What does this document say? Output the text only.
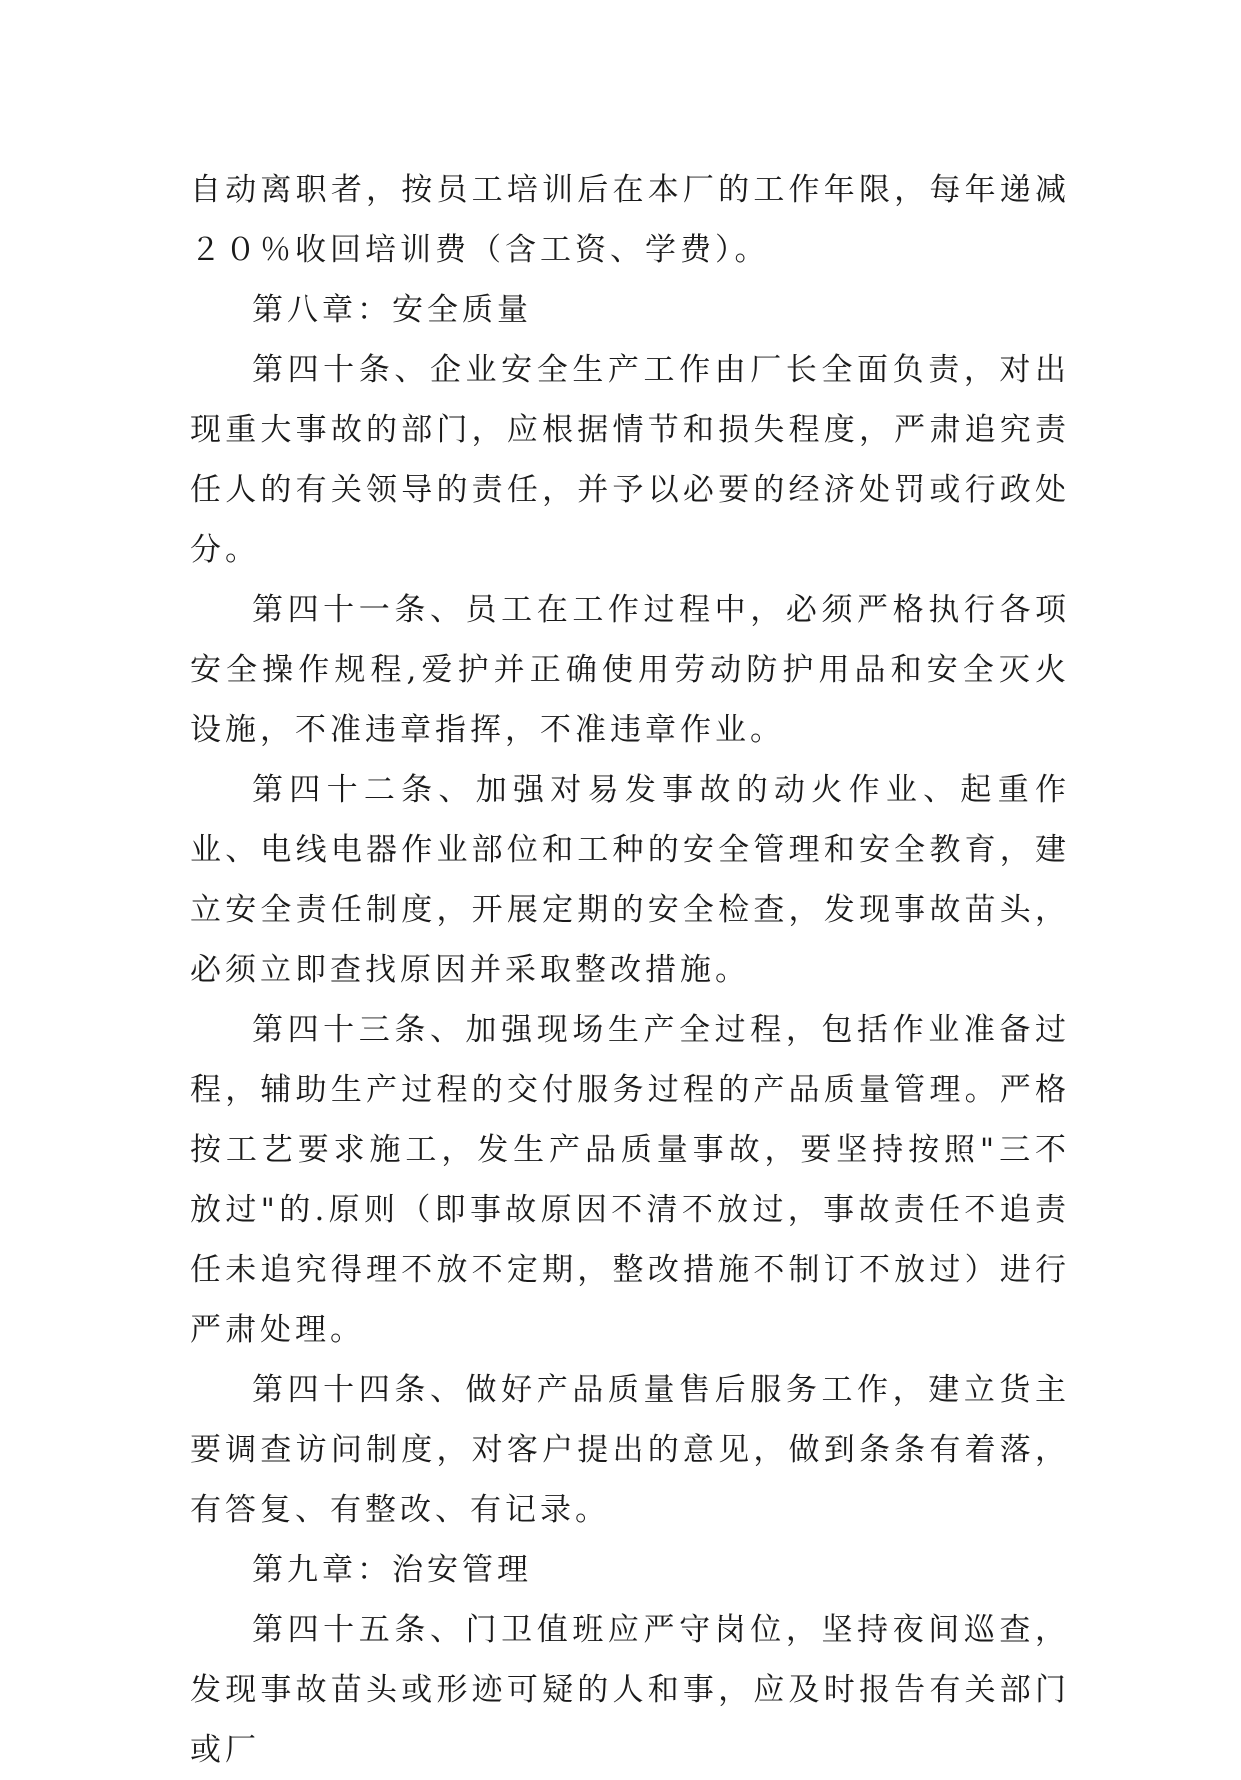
自动离职者，按员工培训后在本厂的工作年限，每年递减２０％收回培训费（含工资、学费）。

第八章：安全质量

第四十条、企业安全生产工作由厂长全面负责，对出现重大事故的部门，应根据情节和损失程度，严肃追究责任人的有关领导的责任，并予以必要的经济处罚或行政处分。

第四十一条、员工在工作过程中，必须严格执行各项安全操作规程,爱护并正确使用劳动防护用品和安全灭火设施，不准违章指挥，不准违章作业。

第四十二条、加强对易发事故的动火作业、起重作业、电线电器作业部位和工种的安全管理和安全教育，建立安全责任制度，开展定期的安全检查，发现事故苗头，必须立即查找原因并采取整改措施。

第四十三条、加强现场生产全过程，包括作业准备过程，辅助生产过程的交付服务过程的产品质量管理。严格按工艺要求施工，发生产品质量事故，要坚持按照"三不放过"的.原则（即事故原因不清不放过，事故责任不追责任未追究得理不放不定期，整改措施不制订不放过）进行严肃处理。

第四十四条、做好产品质量售后服务工作，建立货主要调查访问制度，对客户提出的意见，做到条条有着落，有答复、有整改、有记录。

第九章：治安管理

第四十五条、门卫值班应严守岗位，坚持夜间巡查，发现事故苗头或形迹可疑的人和事，应及时报告有关部门或厂
